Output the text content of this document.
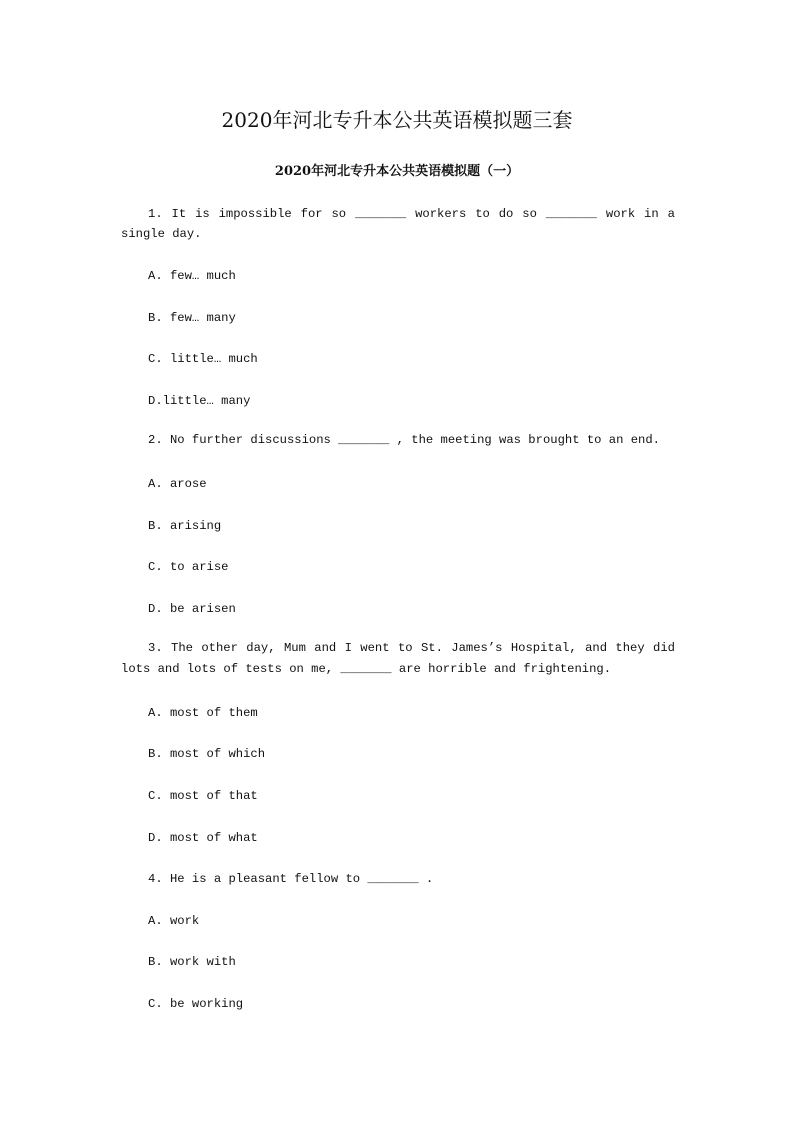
2020年河北专升本公共英语模拟题三套
2020年河北专升本公共英语模拟题（一）
1. It is impossible for so _______ workers to do so _______ work in a
single day.
A. few… much
B. few… many
C. little… much
D.little… many
2. No further discussions _______ , the meeting was brought to an end.
A. arose
B. arising
C. to arise
D. be arisen
3. The other day, Mum and I went to St. James’s Hospital, and they did
lots and lots of tests on me, _______ are horrible and frightening.
A. most of them
B. most of which
C. most of that
D. most of what
4. He is a pleasant fellow to _______ .
A. work
B. work with
C. be working
